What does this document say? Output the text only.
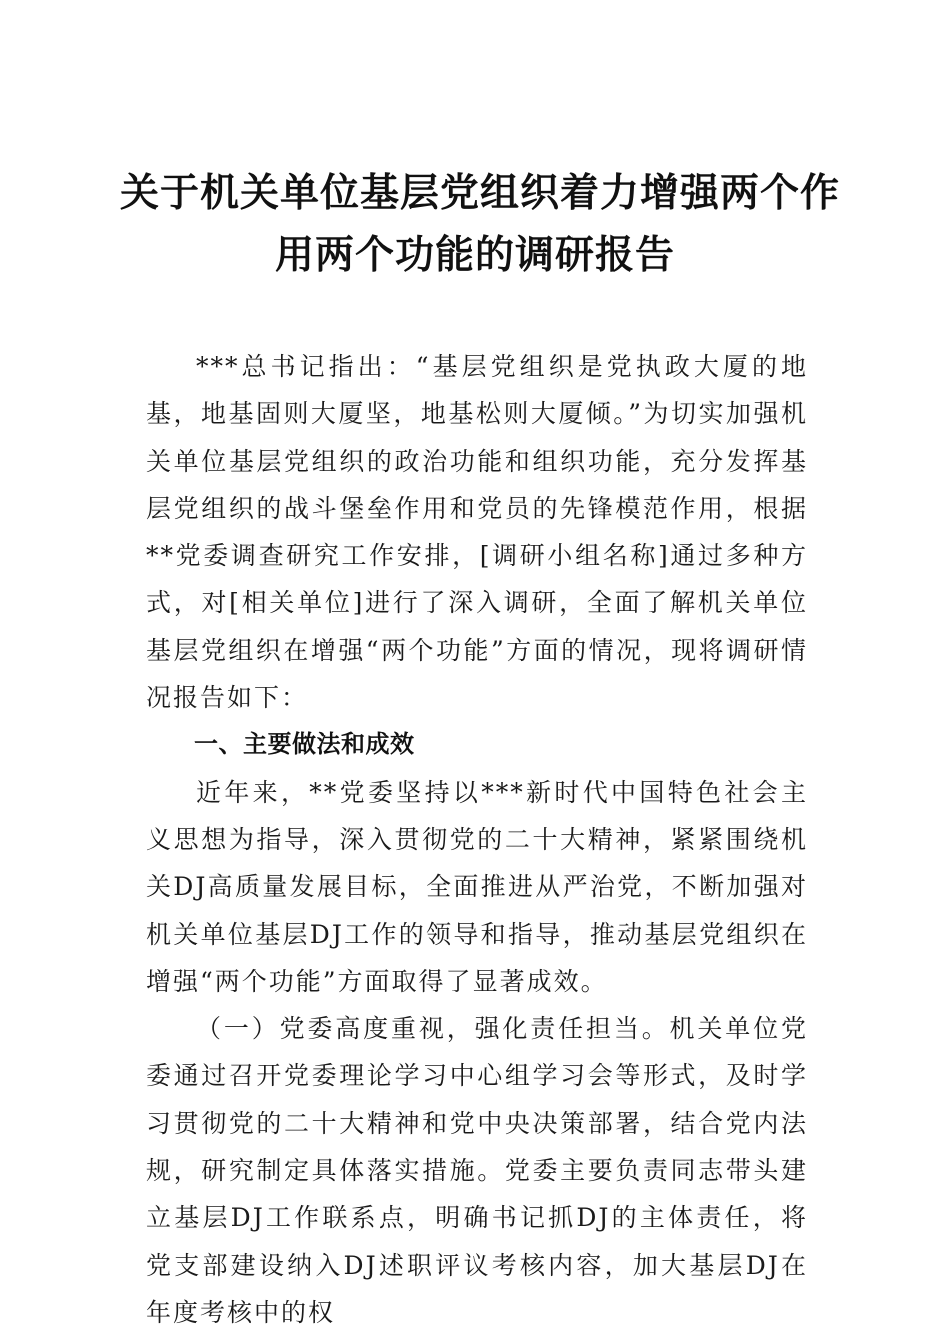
关于机关单位基层党组织着力增强两个作
用两个功能的调研报告

***总书记指出：“基层党组织是党执政大厦的地基，地基固则大厦坚，地基松则大厦倾。”为切实加强机关单位基层党组织的政治功能和组织功能，充分发挥基层党组织的战斗堡垒作用和党员的先锋模范作用，根据**党委调查研究工作安排，[调研小组名称]通过多种方式，对[相关单位]进行了深入调研，全面了解机关单位基层党组织在增强“两个功能”方面的情况，现将调研情况报告如下：

一、主要做法和成效

近年来，**党委坚持以***新时代中国特色社会主义思想为指导，深入贯彻党的二十大精神，紧紧围绕机关DJ高质量发展目标，全面推进从严治党，不断加强对机关单位基层DJ工作的领导和指导，推动基层党组织在增强“两个功能”方面取得了显著成效。

（一）党委高度重视，强化责任担当。机关单位党委通过召开党委理论学习中心组学习会等形式，及时学习贯彻党的二十大精神和党中央决策部署，结合党内法规，研究制定具体落实措施。党委主要负责同志带头建立基层DJ工作联系点，明确书记抓DJ的主体责任，将党支部建设纳入DJ述职评议考核内容，加大基层DJ在年度考核中的权
